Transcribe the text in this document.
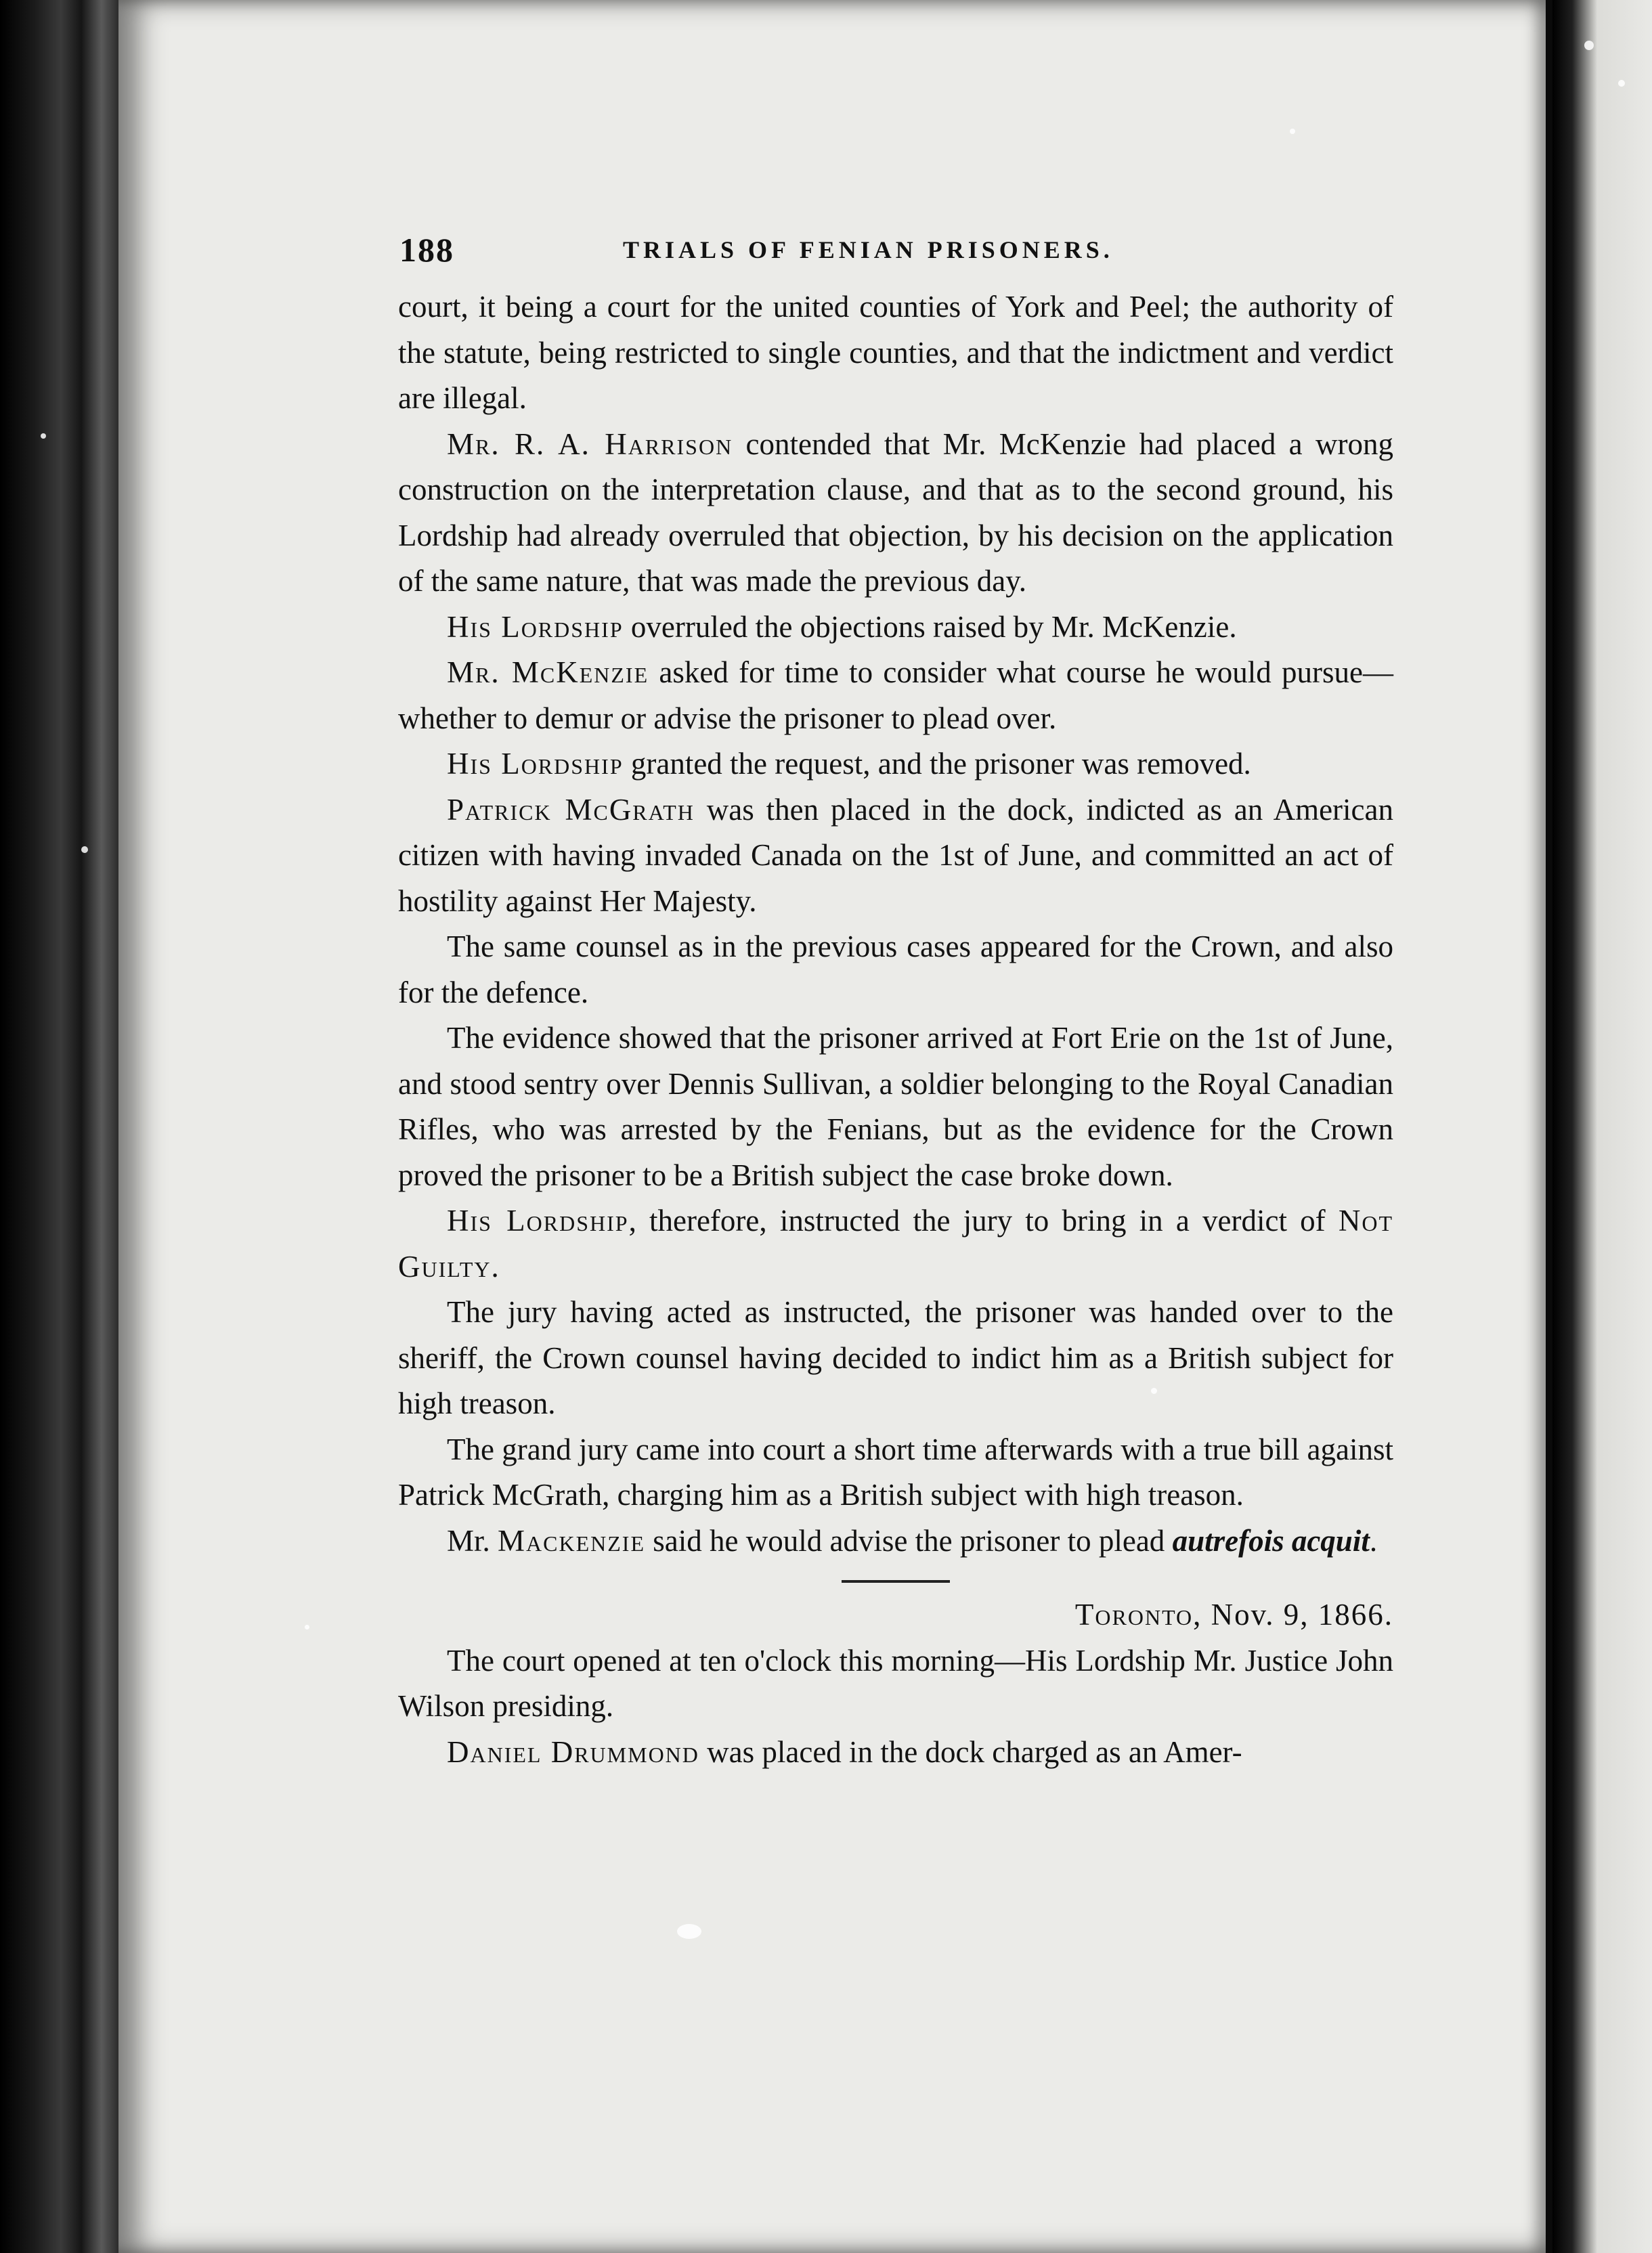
188	TRIALS OF FENIAN PRISONERS.

court, it being a court for the united counties of York and Peel; the authority of the statute, being restricted to single counties, and that the indictment and verdict are illegal.

Mr. R. A. Harrison contended that Mr. McKenzie had placed a wrong construction on the interpretation clause, and that as to the second ground, his Lordship had already overruled that objection, by his decision on the application of the same nature, that was made the previous day.

His Lordship overruled the objections raised by Mr. McKenzie.

Mr. McKenzie asked for time to consider what course he would pursue—whether to demur or advise the prisoner to plead over.

His Lordship granted the request, and the prisoner was removed.

Patrick McGrath was then placed in the dock, indicted as an American citizen with having invaded Canada on the 1st of June, and committed an act of hostility against Her Majesty.

The same counsel as in the previous cases appeared for the Crown, and also for the defence.

The evidence showed that the prisoner arrived at Fort Erie on the 1st of June, and stood sentry over Dennis Sullivan, a soldier belonging to the Royal Canadian Rifles, who was arrested by the Fenians, but as the evidence for the Crown proved the prisoner to be a British subject the case broke down.

His Lordship, therefore, instructed the jury to bring in a verdict of Not Guilty.

The jury having acted as instructed, the prisoner was handed over to the sheriff, the Crown counsel having decided to indict him as a British subject for high treason.

The grand jury came into court a short time afterwards with a true bill against Patrick McGrath, charging him as a British subject with high treason.

Mr. Mackenzie said he would advise the prisoner to plead autrefois acquit.

Toronto, Nov. 9, 1866.

The court opened at ten o'clock this morning—His Lordship Mr. Justice John Wilson presiding.

Daniel Drummond was placed in the dock charged as an Amer-
